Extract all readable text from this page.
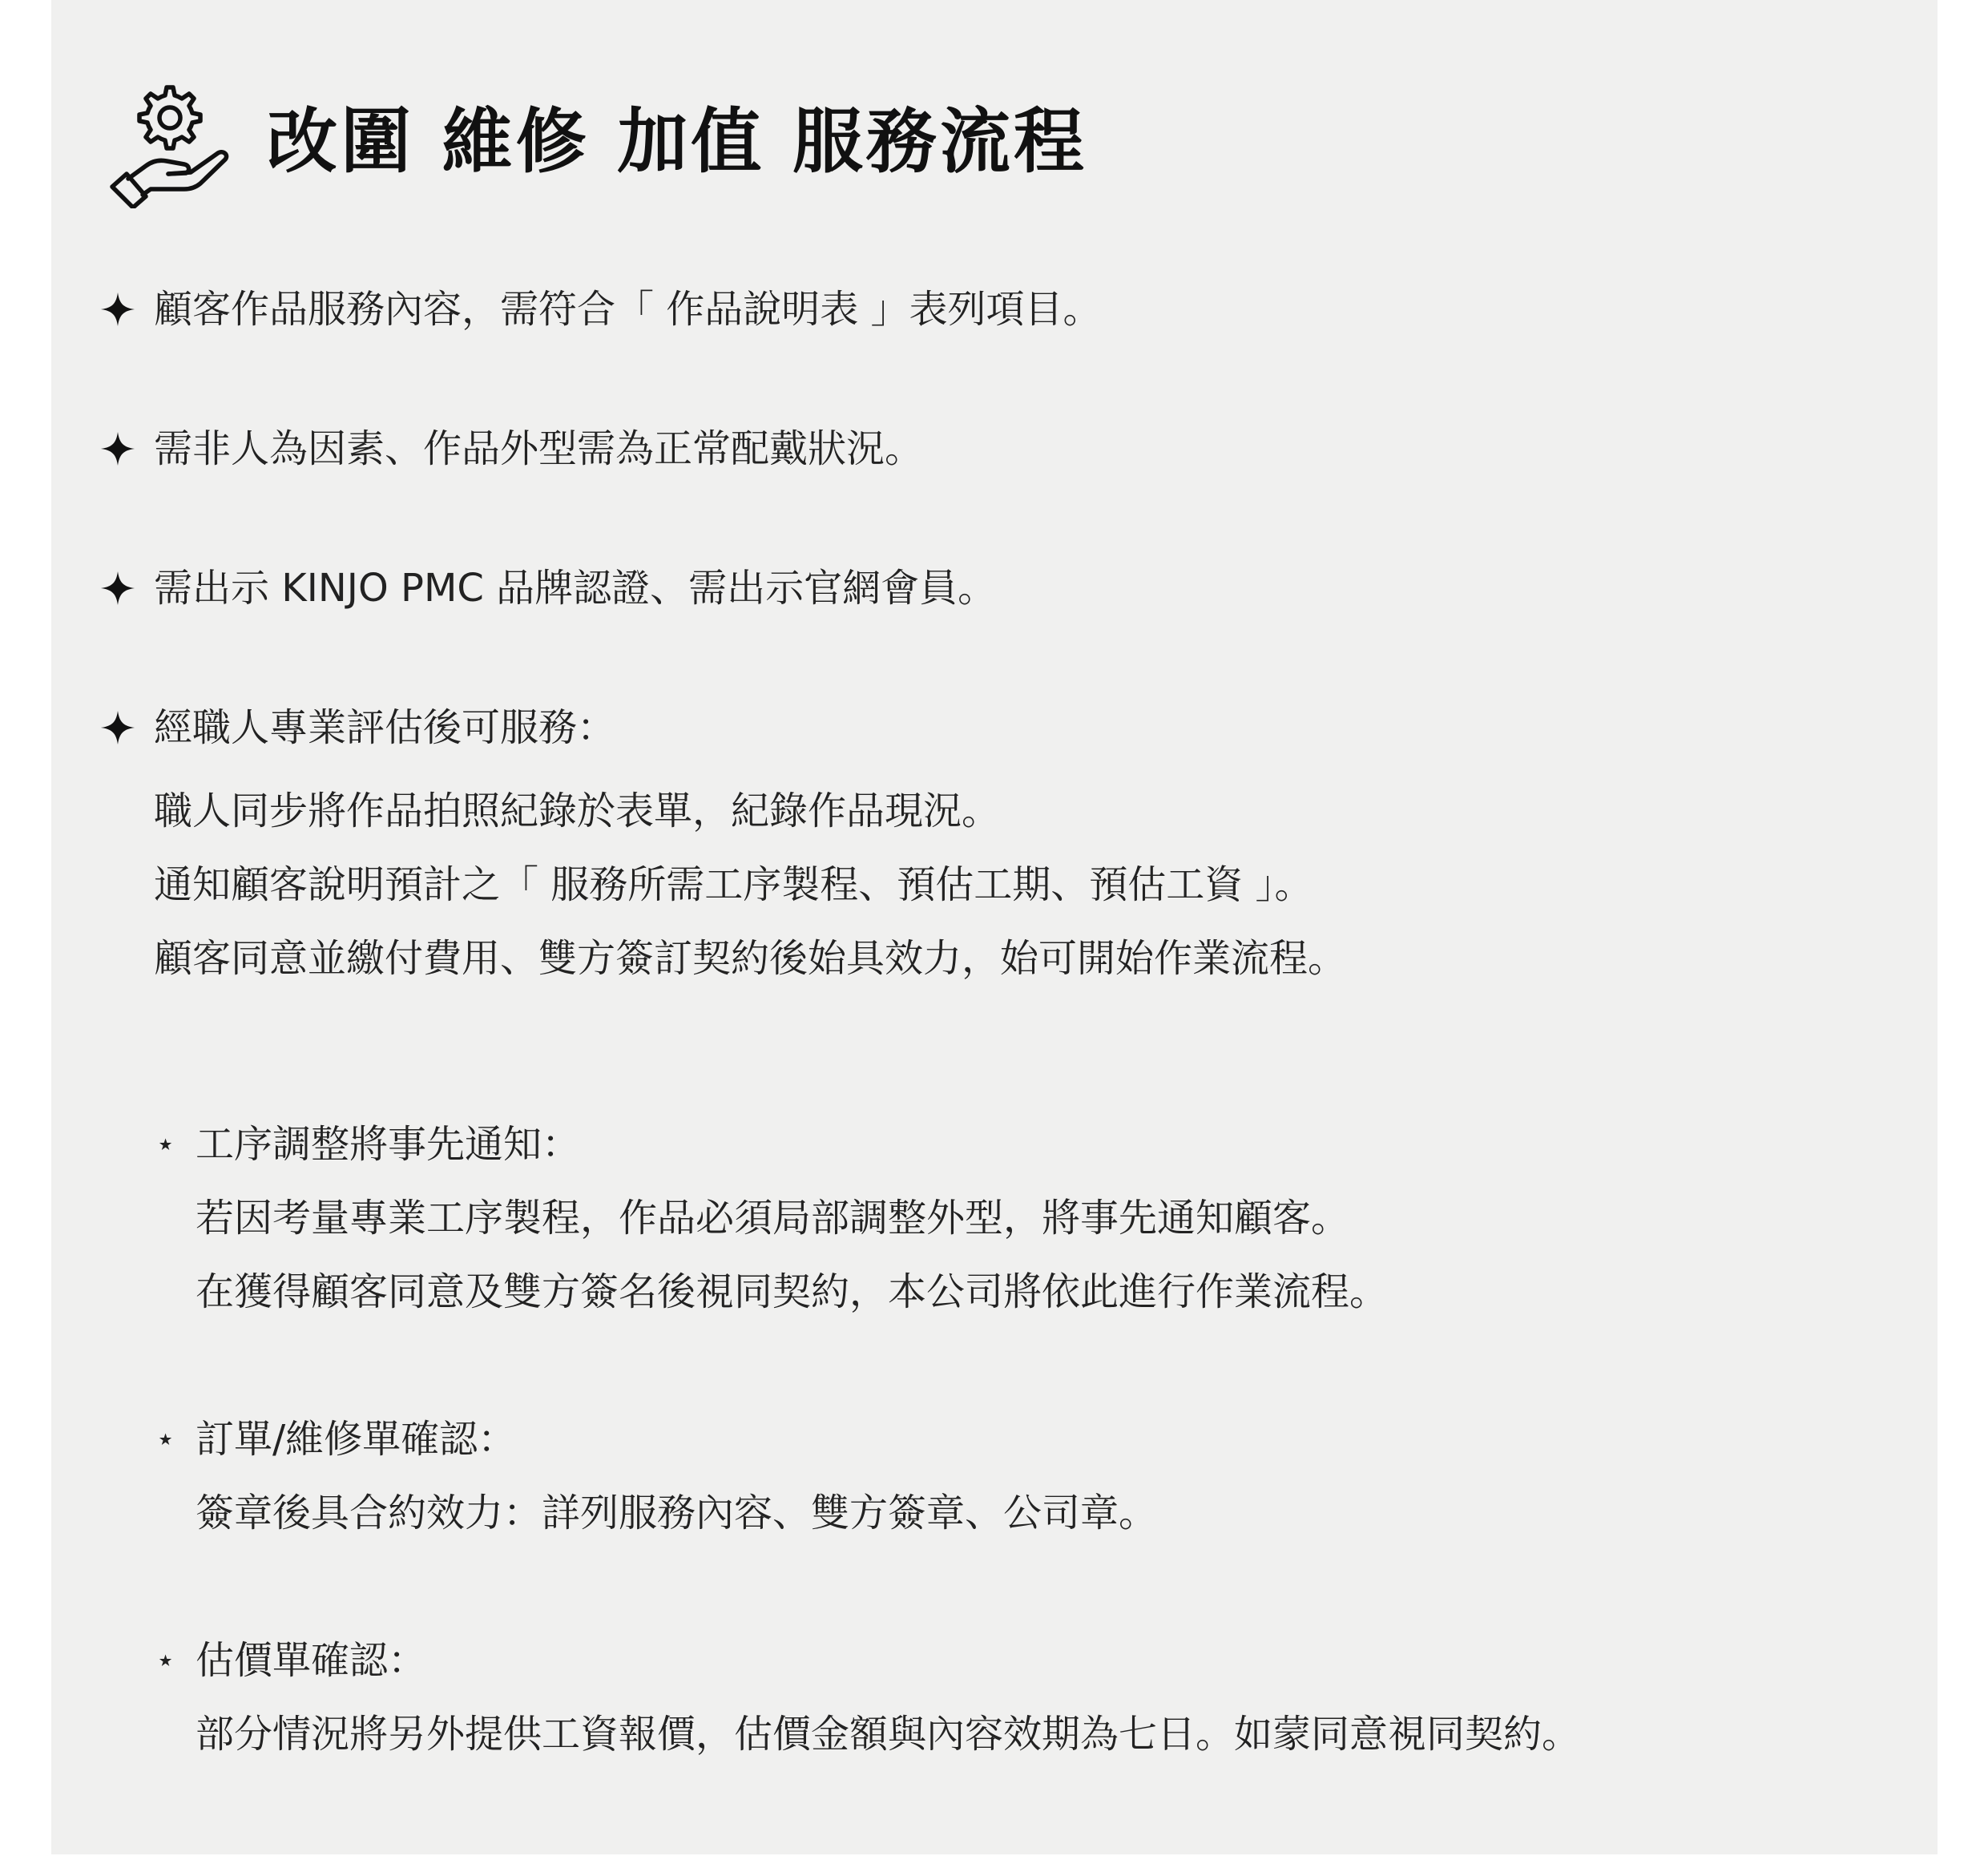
改圍 維修 加值 服務流程
顧客作品服務內容，需符合「 作品說明表 」表列項目。
需非人為因素、作品外型需為正常配戴狀況。
需出示 KINJO PMC 品牌認證、需出示官網會員。
經職人專業評估後可服務：
職人同步將作品拍照紀錄於表單，紀錄作品現況。
通知顧客說明預計之「 服務所需工序製程、預估工期、預估工資 」。
顧客同意並繳付費用、雙方簽訂契約後始具效力，始可開始作業流程。
⋆ 工序調整將事先通知：
若因考量專業工序製程，作品必須局部調整外型，將事先通知顧客。
在獲得顧客同意及雙方簽名後視同契約，本公司將依此進行作業流程。
⋆ 訂單/維修單確認：
簽章後具合約效力：詳列服務內容、雙方簽章、公司章。
⋆ 估價單確認：
部分情況將另外提供工資報價，估價金額與內容效期為七日。如蒙同意視同契約。
